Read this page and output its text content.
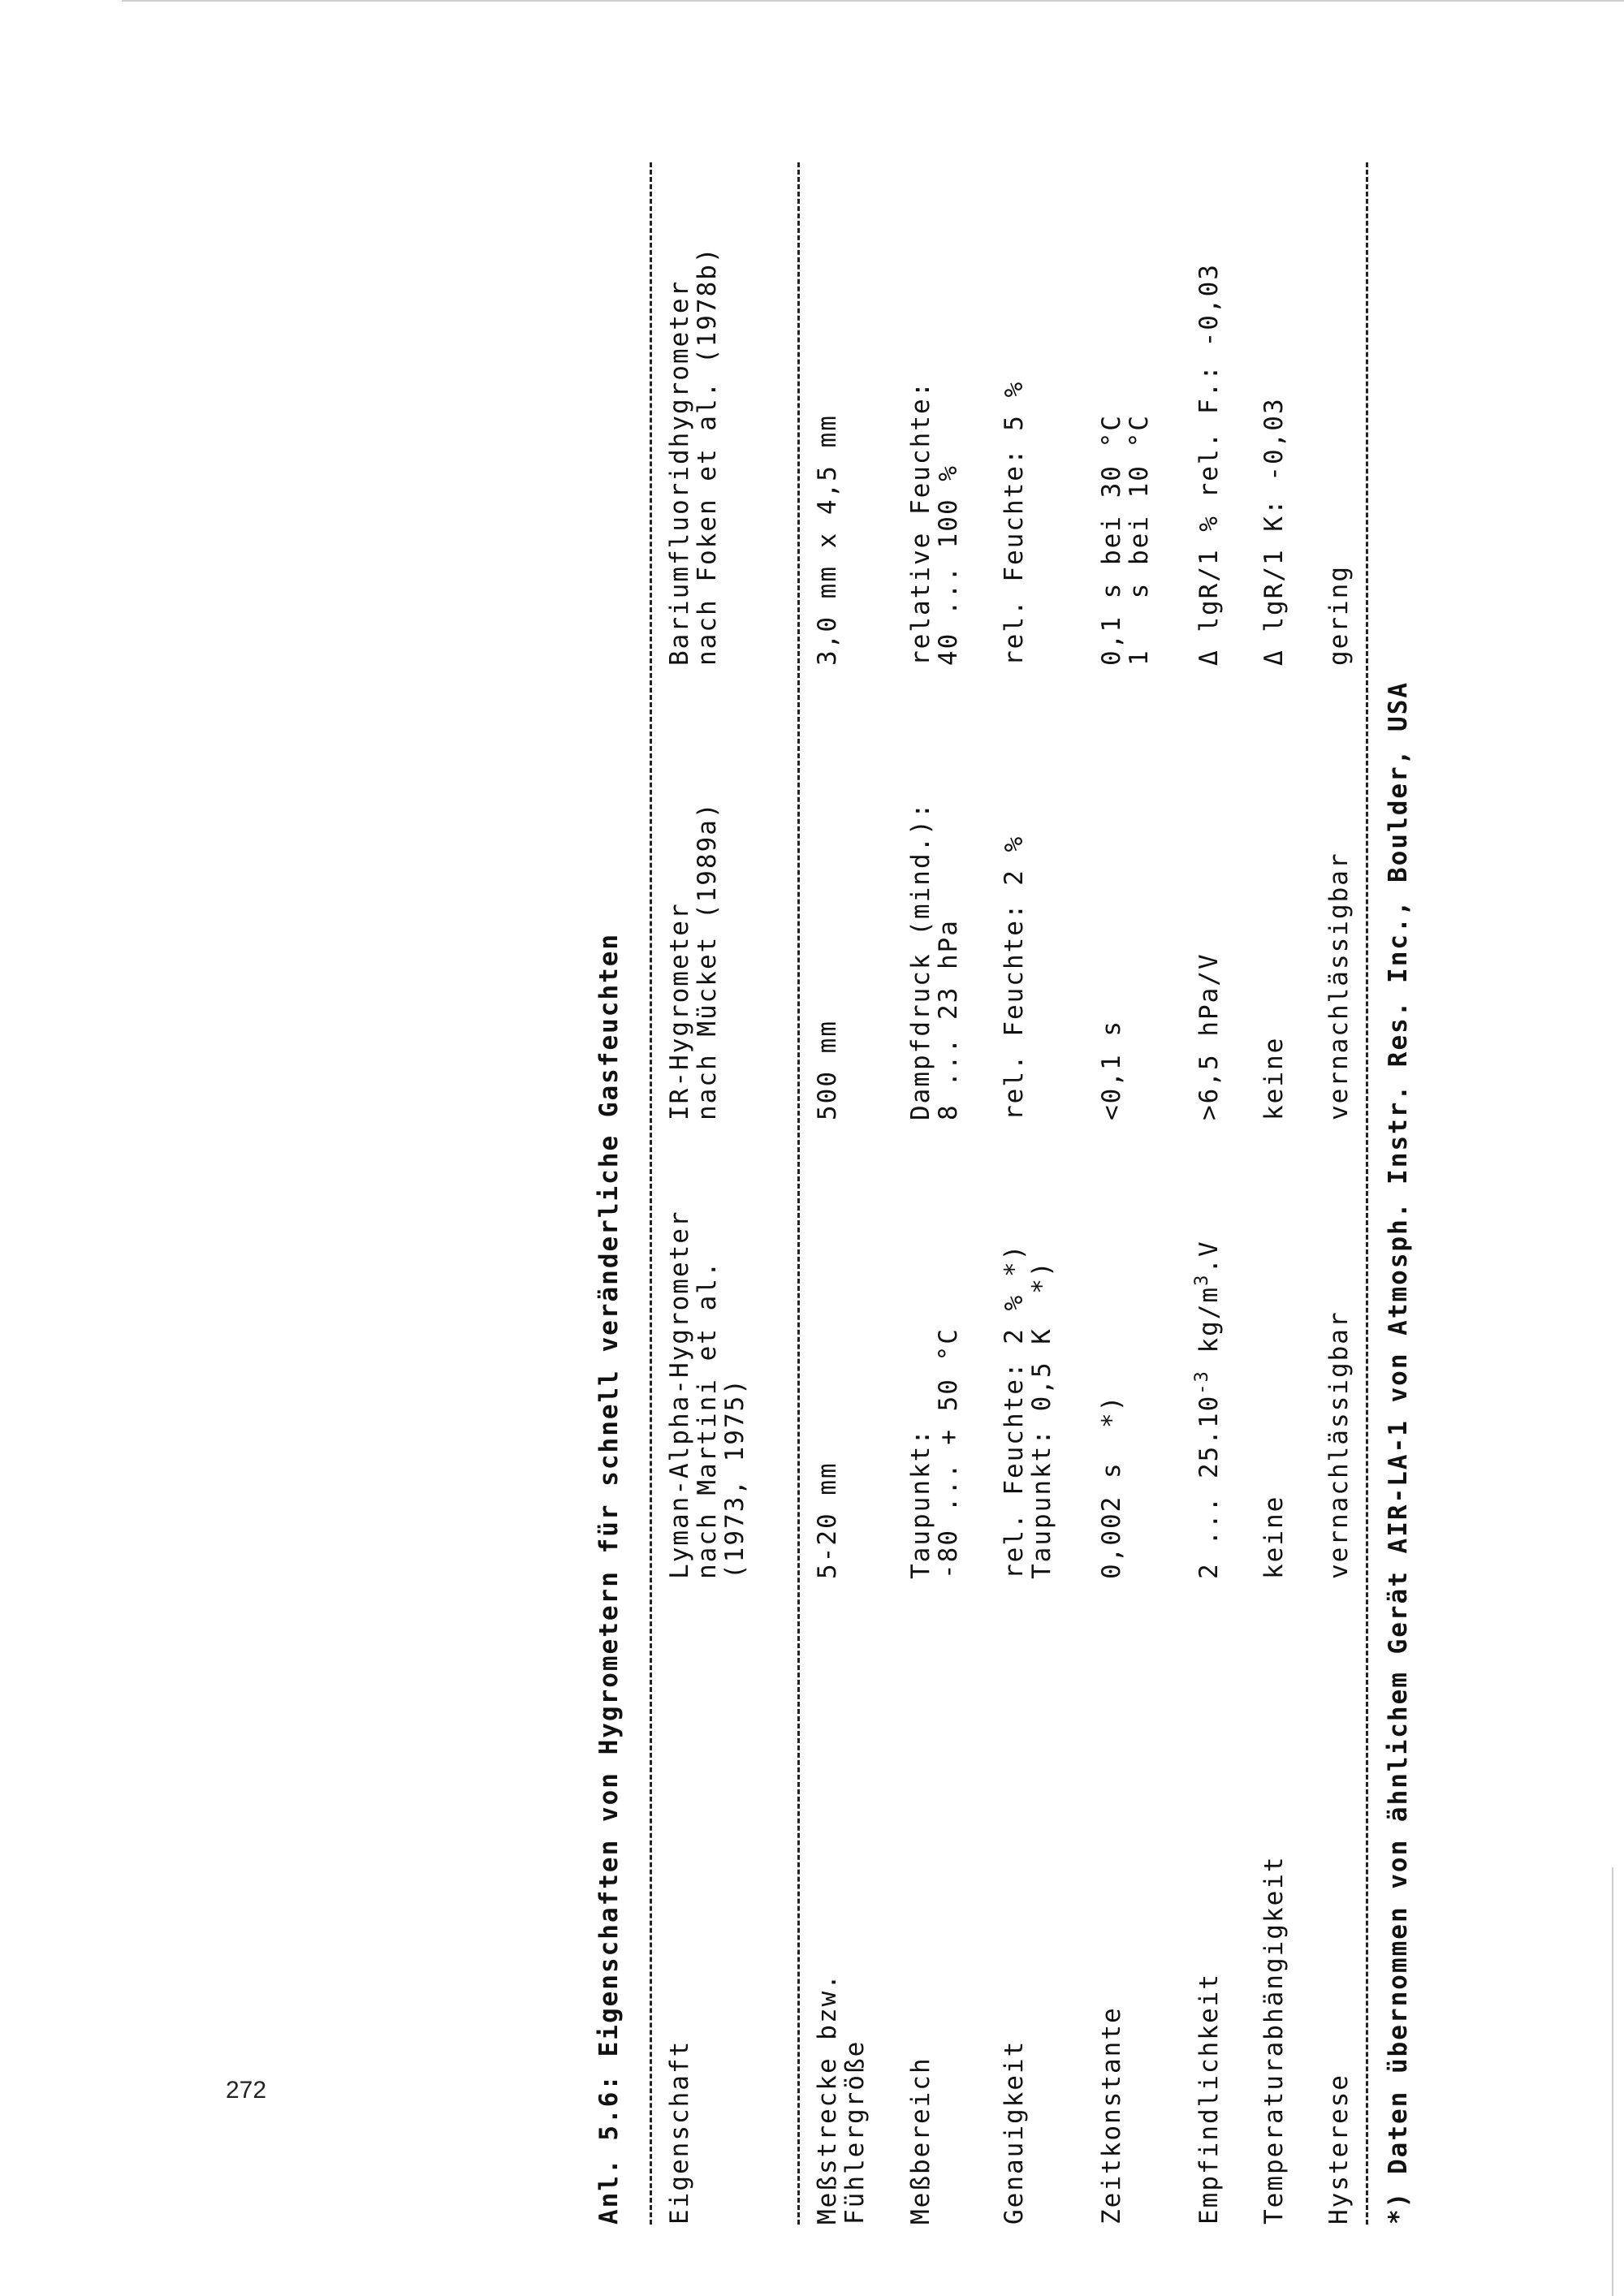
272	Anl. 5.6: Eigenschaften von Hygrometern für schnell veränderliche Gasfeuchten Eigenschaft
Lyman-Alpha-Hygrometer
nach Martini et al.
(1973, 1975)
IR-Hygrometer
nach Mücket (1989a)
Bariumfluoridhygrometer
nach Foken et al. (1978b)
Meßstrecke bzw.
Fühlergröße
5-20 mm
500 mm
3,0 mm x 4,5 mm
Meßbereich
Taupunkt:
-80 ... + 50 °C
Dampfdruck (mind.):
8 ... 23 hPa
relative Feuchte:
40 ... 100 %
Genauigkeit
rel. Feuchte: 2 % *)
Taupunkt: 0,5 K  *)
rel. Feuchte: 2 %
rel. Feuchte: 5 %
Zeitkonstante
0,002 s  *)
<0,1 s
0,1 s bei 30 °C
1   s bei 10 °C
Empfindlichkeit
2 ... $25.10^{-3}$ $kg/m^3.V$
>6,5 hPa/V
Δ lgR/1 % rel. F.: -0,03
Temperaturabhängigkeit
keine
keine
Δ lgR/1 K: -0,03
Hysterese
vernachlässigbar
vernachlässigbar
gering
*) Daten übernommen von ähnlichem Gerät AIR-LA-1 von Atmosph. Instr. Res. Inc., Boulder, USA
